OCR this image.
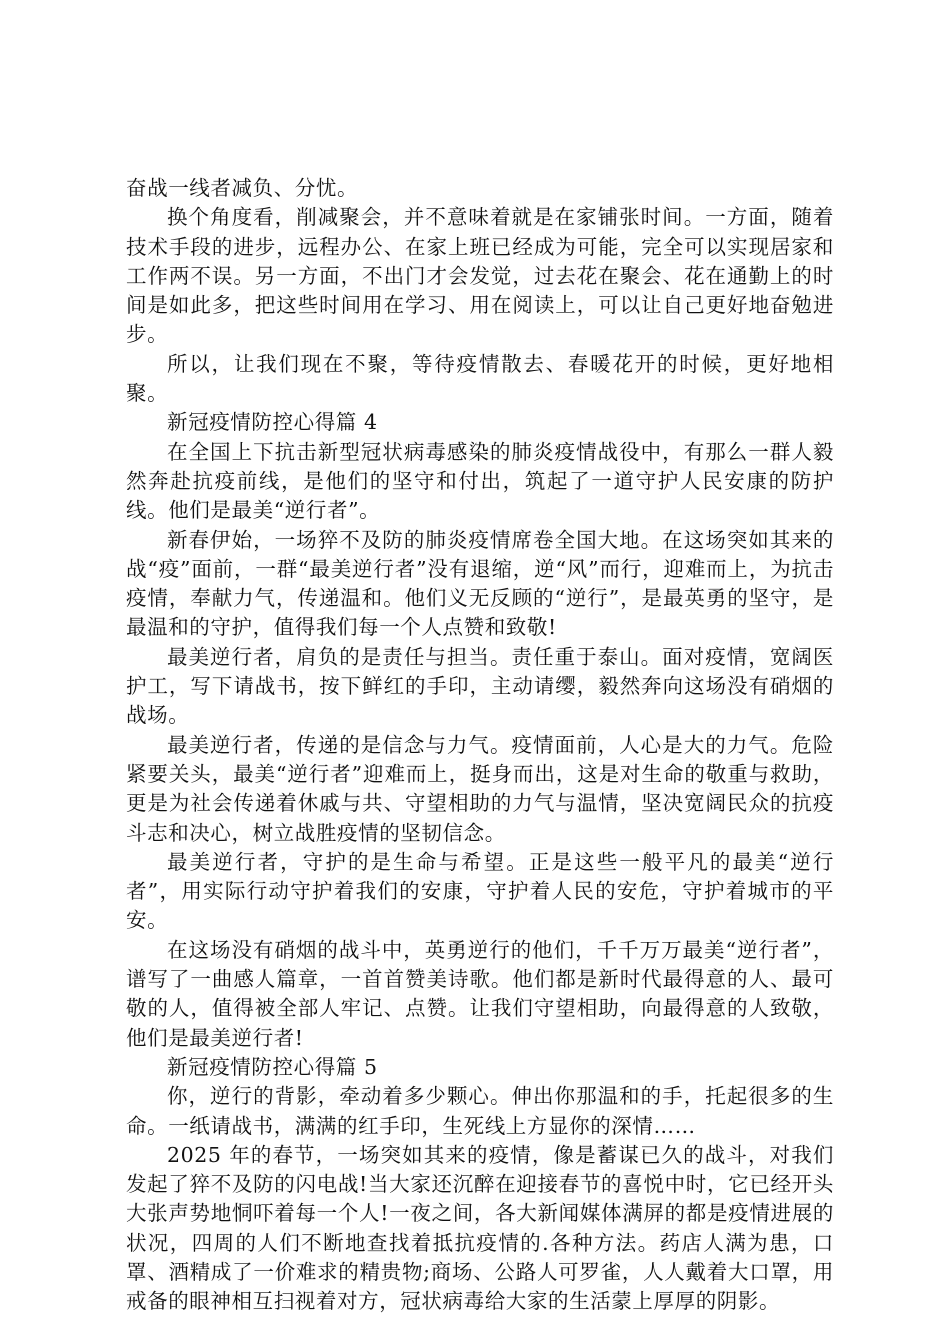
奋战一线者减负、分忧。

换个角度看，削减聚会，并不意味着就是在家铺张时间。一方面，随着技术手段的进步，远程办公、在家上班已经成为可能，完全可以实现居家和工作两不误。另一方面，不出门才会发觉，过去花在聚会、花在通勤上的时间是如此多，把这些时间用在学习、用在阅读上，可以让自己更好地奋勉进步。

所以，让我们现在不聚，等待疫情散去、春暖花开的时候，更好地相聚。

新冠疫情防控心得篇 4

在全国上下抗击新型冠状病毒感染的肺炎疫情战役中，有那么一群人毅然奔赴抗疫前线，是他们的坚守和付出，筑起了一道守护人民安康的防护线。他们是最美“逆行者”。

新春伊始，一场猝不及防的肺炎疫情席卷全国大地。在这场突如其来的战“疫”面前，一群“最美逆行者”没有退缩，逆“风”而行，迎难而上，为抗击疫情，奉献力气，传递温和。他们义无反顾的“逆行”，是最英勇的坚守，是最温和的守护，值得我们每一个人点赞和致敬!

最美逆行者，肩负的是责任与担当。责任重于泰山。面对疫情，宽阔医护工，写下请战书，按下鲜红的手印，主动请缨，毅然奔向这场没有硝烟的战场。

最美逆行者，传递的是信念与力气。疫情面前，人心是大的力气。危险紧要关头，最美“逆行者”迎难而上，挺身而出，这是对生命的敬重与救助，更是为社会传递着休戚与共、守望相助的力气与温情，坚决宽阔民众的抗疫斗志和决心，树立战胜疫情的坚韧信念。

最美逆行者，守护的是生命与希望。正是这些一般平凡的最美“逆行者”，用实际行动守护着我们的安康，守护着人民的安危，守护着城市的平安。

在这场没有硝烟的战斗中，英勇逆行的他们，千千万万最美“逆行者”，谱写了一曲感人篇章，一首首赞美诗歌。他们都是新时代最得意的人、最可敬的人，值得被全部人牢记、点赞。让我们守望相助，向最得意的人致敬，他们是最美逆行者!

新冠疫情防控心得篇 5

你，逆行的背影，牵动着多少颗心。伸出你那温和的手，托起很多的生命。一纸请战书，满满的红手印，生死线上方显你的深情……

2025 年的春节，一场突如其来的疫情，像是蓄谋已久的战斗，对我们发起了猝不及防的闪电战!当大家还沉醉在迎接春节的喜悦中时，它已经开头大张声势地恫吓着每一个人!一夜之间，各大新闻媒体满屏的都是疫情进展的状况，四周的人们不断地查找着抵抗疫情的.各种方法。药店人满为患，口罩、酒精成了一价难求的精贵物;商场、公路人可罗雀，人人戴着大口罩，用戒备的眼神相互扫视着对方，冠状病毒给大家的生活蒙上厚厚的阴影。
